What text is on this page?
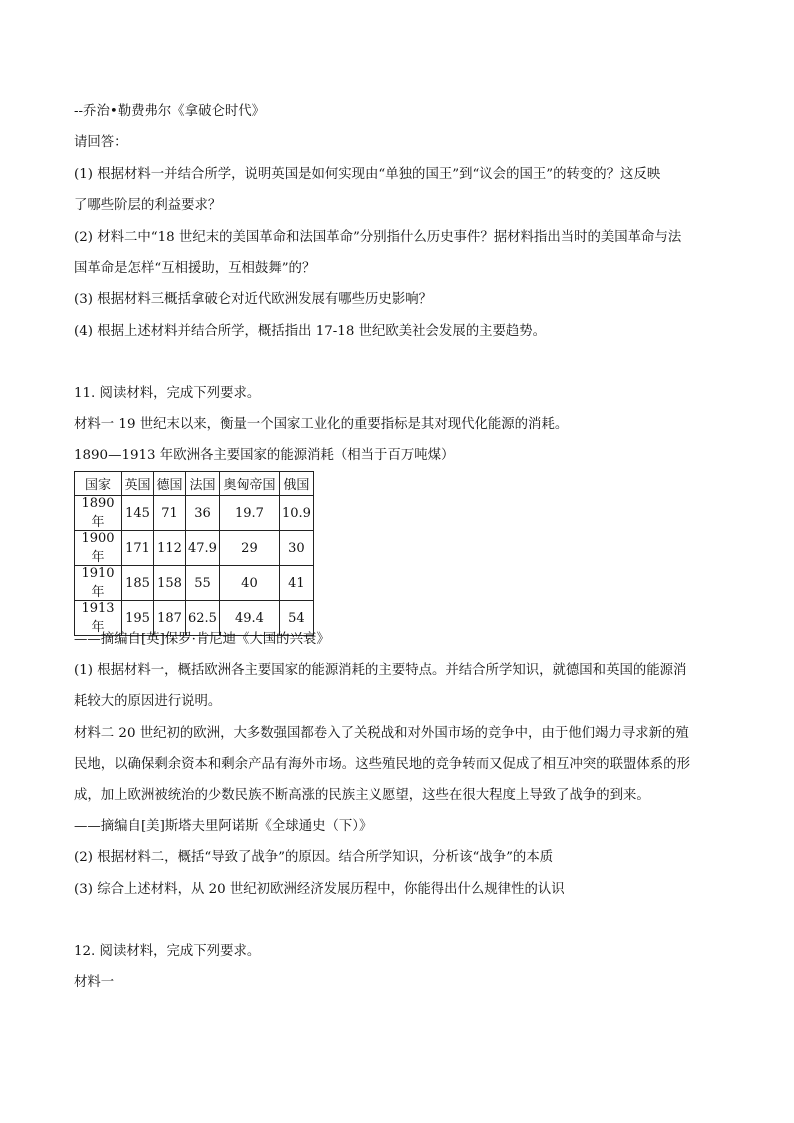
--乔治•勒费弗尔《拿破仑时代》
请回答：
(1) 根据材料一并结合所学，说明英国是如何实现由“单独的国王”到“议会的国王”的转变的？这反映
了哪些阶层的利益要求？
(2) 材料二中“18 世纪末的美国革命和法国革命”分别指什么历史事件？据材料指出当时的美国革命与法
国革命是怎样“互相援助，互相鼓舞”的？
(3) 根据材料三概括拿破仑对近代欧洲发展有哪些历史影响？
(4) 根据上述材料并结合所学，概括指出 17-18 世纪欧美社会发展的主要趋势。
11. 阅读材料，完成下列要求。
材料一 19 世纪末以来，衡量一个国家工业化的重要指标是其对现代化能源的消耗。
1890—1913 年欧洲各主要国家的能源消耗（相当于百万吨煤）
国家	英国	德国	法国	奥匈帝国	俄国
1890年	145	71	36	19.7	10.9
1900年	171	112	47.9	29	30
1910年	185	158	55	40	41
1913年	195	187	62.5	49.4	54
——摘编自[英]保罗·肯尼迪《大国的兴衰》
(1) 根据材料一，概括欧洲各主要国家的能源消耗的主要特点。并结合所学知识，就德国和英国的能源消
耗较大的原因进行说明。
材料二 20 世纪初的欧洲，大多数强国都卷入了关税战和对外国市场的竞争中，由于他们竭力寻求新的殖
民地，以确保剩余资本和剩余产品有海外市场。这些殖民地的竞争转而又促成了相互冲突的联盟体系的形
成，加上欧洲被统治的少数民族不断高涨的民族主义愿望，这些在很大程度上导致了战争的到来。
——摘编自[美]斯塔夫里阿诺斯《全球通史（下）》
(2) 根据材料二，概括“导致了战争”的原因。结合所学知识，分析该“战争”的本质
(3) 综合上述材料，从 20 世纪初欧洲经济发展历程中，你能得出什么规律性的认识
12. 阅读材料，完成下列要求。
材料一
